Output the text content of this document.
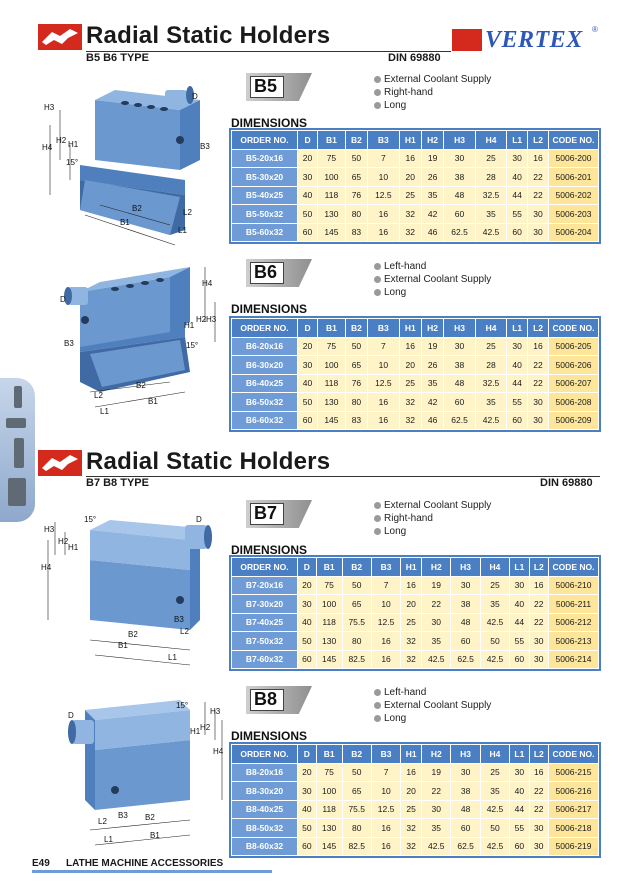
Radial Static Holders
B5 B6 TYPE	DIN 69880
VERTEX ®
H3
H4
H2 H1
15°
D
B3
B2
B1
L2
L1
B5	External Coolant Supply
Right-hand
Long
DIMENSIONS
ORDER NO.	D	B1	B2	B3	H1	H2	H3	H4	L1	L2	CODE NO.
B5-20x16	20	75	50	7	16	19	30	25	30	16	5006-200
B5-30x20	30	100	65	10	20	26	38	28	40	22	5006-201
B5-40x25	40	118	76	12.5	25	35	48	32.5	44	22	5006-202
B5-50x32	50	130	80	16	32	42	60	35	55	30	5006-203
B5-60x32	60	145	83	16	32	46	62.5	42.5	60	30	5006-204
D
H4
H2
H1
H3
15°
B3
B2
B1
L2
L1
B6	Left-hand
External Coolant Supply
Long
DIMENSIONS
ORDER NO.	D	B1	B2	B3	H1	H2	H3	H4	L1	L2	CODE NO.
B6-20x16	20	75	50	7	16	19	30	25	30	16	5006-205
B6-30x20	30	100	65	10	20	26	38	28	40	22	5006-206
B6-40x25	40	118	76	12.5	25	35	48	32.5	44	22	5006-207
B6-50x32	50	130	80	16	32	42	60	35	55	30	5006-208
B6-60x32	60	145	83	16	32	46	62.5	42.5	60	30	5006-209
Radial Static Holders
B7 B8 TYPE	DIN 69880
H3
15°
H2
H1
H4
D
B3
B2
B1
L2
L1
B7	External Coolant Supply
Right-hand
Long
DIMENSIONS
ORDER NO.	D	B1	B2	B3	H1	H2	H3	H4	L1	L2	CODE NO.
B7-20x16	20	75	50	7	16	19	30	25	30	16	5006-210
B7-30x20	30	100	65	10	20	22	38	35	40	22	5006-211
B7-40x25	40	118	75.5	12.5	25	30	48	42.5	44	22	5006-212
B7-50x32	50	130	80	16	32	35	60	50	55	30	5006-213
B7-60x32	60	145	82.5	16	32	42.5	62.5	42.5	60	30	5006-214
D
15°
H3
H2
H1
H4
B3 B2
B1
L2
L1
B8	Left-hand
External Coolant Supply
Long
DIMENSIONS
ORDER NO.	D	B1	B2	B3	H1	H2	H3	H4	L1	L2	CODE NO.
B8-20x16	20	75	50	7	16	19	30	25	30	16	5006-215
B8-30x20	30	100	65	10	20	22	38	35	40	22	5006-216
B8-40x25	40	118	75.5	12.5	25	30	48	42.5	44	22	5006-217
B8-50x32	50	130	80	16	32	35	60	50	55	30	5006-218
B8-60x32	60	145	82.5	16	32	42.5	62.5	42.5	60	30	5006-219
E49 LATHE MACHINE ACCESSORIES
